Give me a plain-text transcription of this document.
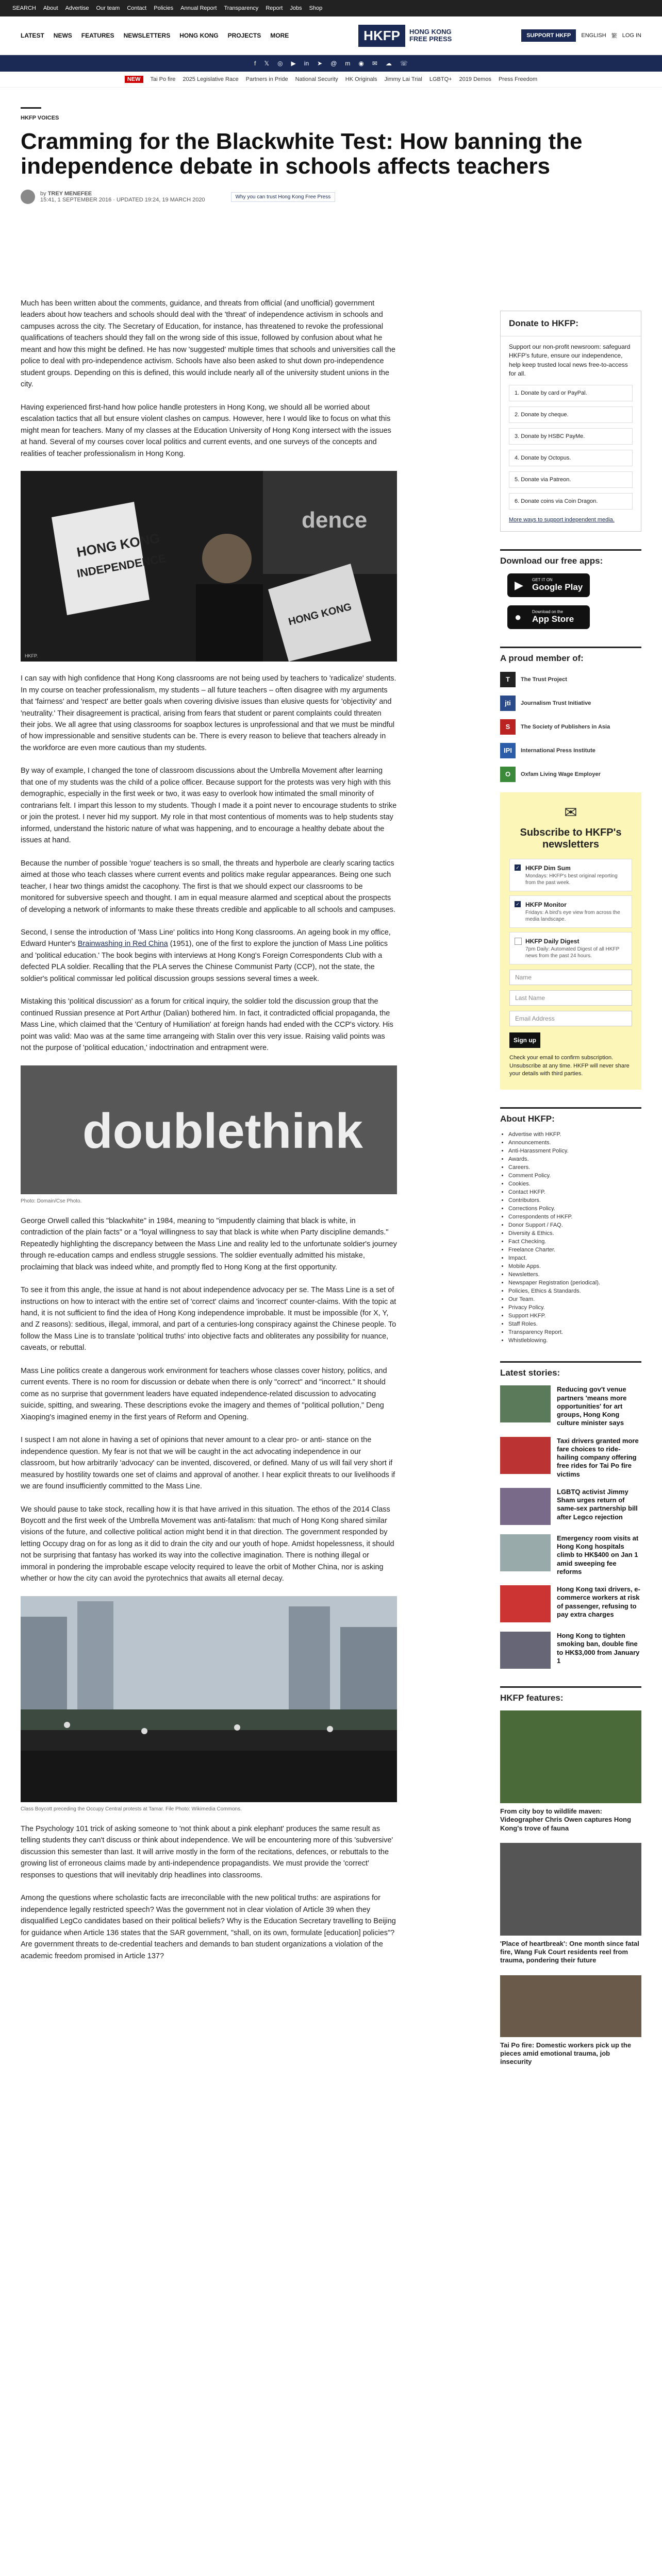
SEARCH About Advertise Our team Contact Policies Annual Report Transparency Report Jobs Shop
LATEST NEWS FEATURES NEWSLETTERS HONG KONG PROJECTS MORE	HKFP	HONG KONG
FREE PRESS	SUPPORT HKFP	ENGLISH 繁 LOG IN
f 𝕏 ◎ ▶ in ➤ @ m ◉ ✉ ☁ ☏
NEW	Tai Po fire 2025 Legislative Race Partners in Pride National Security HK Originals Jimmy Lai Trial LGBTQ+ 2019 Demos Press Freedom
HKFP VOICES
Cramming for the Blackwhite Test: How banning the independence debate in schools affects teachers
by TREY MENEFEE
15:41, 1 SEPTEMBER 2016 · UPDATED 19:24, 19 MARCH 2020	Why you can trust Hong Kong Free Press

Much has been written about the comments, guidance, and threats from official (and unofficial) government leaders about how teachers and schools should deal with the 'threat' of independence activism in schools and campuses across the city. The Secretary of Education, for instance, has threatened to revoke the professional qualifications of teachers should they fall on the wrong side of this issue, followed by confusion about what he meant and how this might be defined. He has now 'suggested' multiple times that schools and universities call the police to deal with pro-independence activism. Schools have also been asked to shut down pro-independence student groups. Depending on this is defined, this would include nearly all of the university student unions in the city.

Having experienced first-hand how police handle protesters in Hong Kong, we should all be worried about escalation tactics that all but ensure violent clashes on campus. However, here I would like to focus on what this might mean for teachers. Many of my classes at the Education University of Hong Kong intersect with the issues at hand. Several of my courses cover local politics and current events, and one surveys of the concepts and realities of teacher professionalism in Hong Kong.

dence
HONG KONG
INDEPENDENCE
HONG KONG
HKFP.

I can say with high confidence that Hong Kong classrooms are not being used by teachers to 'radicalize' students. In my course on teacher professionalism, my students – all future teachers – often disagree with my arguments that 'fairness' and 'respect' are better goals when covering divisive issues than elusive quests for 'objectivity' and 'neutrality.' Their disagreement is practical, arising from fears that student or parent complaints could threaten their jobs. We all agree that using classrooms for soapbox lectures is unprofessional and that we must be mindful of how impressionable and sensitive students can be. There is every reason to believe that teachers already in the workforce are even more cautious than my students.

By way of example, I changed the tone of classroom discussions about the Umbrella Movement after learning that one of my students was the child of a police officer. Because support for the protests was very high with this demographic, especially in the first week or two, it was easy to overlook how intimated the small minority of contrarians felt. I impart this lesson to my students. Though I made it a point never to encourage students to strike or join the protest. I never hid my support. My role in that most contentious of moments was to help students stay informed, understand the historic nature of what was happening, and to encourage a healthy debate about the issues at hand.

Because the number of possible 'rogue' teachers is so small, the threats and hyperbole are clearly scaring tactics aimed at those who teach classes where current events and politics make regular appearances. Being one such teacher, I hear two things amidst the cacophony. The first is that we should expect our classrooms to be monitored for subversive speech and thought. I am in equal measure alarmed and sceptical about the prospects of developing a network of informants to make these threats credible and applicable to all schools and campuses.

Second, I sense the introduction of 'Mass Line' politics into Hong Kong classrooms. An ageing book in my office, Edward Hunter's Brainwashing in Red China (1951), one of the first to explore the junction of Mass Line politics and 'political education.' The book begins with interviews at Hong Kong's Foreign Correspondents Club with a defected PLA soldier. Recalling that the PLA serves the Chinese Communist Party (CCP), not the state, the soldier's political commissar led political discussion groups sessions several times a week.

Mistaking this 'political discussion' as a forum for critical inquiry, the soldier told the discussion group that the continued Russian presence at Port Arthur (Dalian) bothered him. In fact, it contradicted official propaganda, the Mass Line, which claimed that the 'Century of Humiliation' at foreign hands had ended with the CCP's victory. His point was valid: Mao was at the same time arrangeing with Stalin over this very issue. Raising valid points was not the purpose of 'political education,' indoctrination and entrapment were.

doublethink
Photo: Domain/Cse Photo.

George Orwell called this "blackwhite" in 1984, meaning to "impudently claiming that black is white, in contradiction of the plain facts" or a "loyal willingness to say that black is white when Party discipline demands." Repeatedly highlighting the discrepancy between the Mass Line and reality led to the unfortunate soldier's journey through re-education camps and endless struggle sessions. The soldier eventually admitted his mistake, proclaiming that black was indeed white, and promptly fled to Hong Kong at the first opportunity.

To see it from this angle, the issue at hand is not about independence advocacy per se. The Mass Line is a set of instructions on how to interact with the entire set of 'correct' claims and 'incorrect' counter-claims. With the topic at hand, it is not sufficient to find the idea of Hong Kong independence improbable. It must be impossible (for X, Y, and Z reasons): seditious, illegal, immoral, and part of a centuries-long conspiracy against the Chinese people. To follow the Mass Line is to translate 'political truths' into objective facts and obliterates any possibility for nuance, caveats, or rebuttal.

Mass Line politics create a dangerous work environment for teachers whose classes cover history, politics, and current events. There is no room for discussion or debate when there is only "correct" and "incorrect." It should come as no surprise that government leaders have equated independence-related discussion to advocating suicide, spitting, and swearing. These descriptions evoke the imagery and themes of "political pollution," Deng Xiaoping's imagined enemy in the first years of Reform and Opening.

I suspect I am not alone in having a set of opinions that never amount to a clear pro- or anti- stance on the independence question. My fear is not that we will be caught in the act advocating independence in our classroom, but how arbitrarily 'advocacy' can be invented, discovered, or defined. Many of us will fail very short if measured by hostility towards one set of claims and approval of another. I hear explicit threats to our livelihoods if we are found insufficiently committed to the Mass Line.

We should pause to take stock, recalling how it is that have arrived in this situation. The ethos of the 2014 Class Boycott and the first week of the Umbrella Movement was anti-fatalism: that much of Hong Kong shared similar visions of the future, and collective political action might bend it in that direction. The government responded by letting Occupy drag on for as long as it did to drain the city and our youth of hope. Amidst hopelessness, it should not be surprising that fantasy has worked its way into the collective imagination. There is nothing illegal or immoral in pondering the improbable escape velocity required to leave the orbit of Mother China, nor is asking whether or how the city can avoid the pyrotechnics that awaits all eternal decay.

Class Boycott preceding the Occupy Central protests at Tamar. File Photo: Wikimedia Commons.

The Psychology 101 trick of asking someone to 'not think about a pink elephant' produces the same result as telling students they can't discuss or think about independence. We will be encountering more of this 'subversive' discussion this semester than last. It will arrive mostly in the form of the recitations, defences, or rebuttals to the growing list of erroneous claims made by anti-independence propagandists. We must provide the 'correct' responses to questions that will inevitably drip headlines into classrooms.

Among the questions where scholastic facts are irreconcilable with the new political truths: are aspirations for independence legally restricted speech? Was the government not in clear violation of Article 39 when they disqualified LegCo candidates based on their political beliefs? Why is the Education Secretary travelling to Beijing for guidance when Article 136 states that the SAR government, "shall, on its own, formulate [education] policies"? Are government threats to de-credential teachers and demands to ban student organizations a violation of the academic freedom promised in Article 137?

Donate to HKFP:

Support our non-profit newsroom: safeguard HKFP's future, ensure our independence, help keep trusted local news free-to-access for all.

1. Donate by card or PayPal.
2. Donate by cheque.
3. Donate by HSBC PayMe.
4. Donate by Octopus.
5. Donate via Patreon.
6. Donate coins via Coin Dragon.
More ways to support independent media.
Download our free apps:
▶ GET IT ON
Google Play
●	Download on the
App Store
A proud member of:
T	The Trust Project
jti	Journalism Trust Initiative
S	The Society of Publishers in Asia
IPI	International Press Institute
O	Oxfam Living Wage Employer
✉
Subscribe to HKFP's newsletters
✓ HKFP Dim Sum
Mondays: HKFP's best original reporting from the past week.
✓ HKFP Monitor
Fridays: A bird's eye view from across the media landscape.
HKFP Daily Digest
7pm Daily: Automated Digest of all HKFP news from the past 24 hours.
Name
Last Name
Email Address
Sign up
Check your email to confirm subscription. Unsubscribe at any time. HKFP will never share your details with third parties.
About HKFP:
• Advertise with HKFP.
• Announcements.
• Anti-Harassment Policy.
• Awards.
• Careers.
• Comment Policy.
• Cookies.
• Contact HKFP.
• Contributors.
• Corrections Policy.
• Correspondents of HKFP.
• Donor Support / FAQ.
• Diversity & Ethics.
• Fact Checking.
• Freelance Charter.
• Impact.
• Mobile Apps.
• Newsletters.
• Newspaper Registration (periodical).
• Policies, Ethics & Standards.
• Our Team.
• Privacy Policy.
• Support HKFP.
• Staff Roles.
• Transparency Report.
• Whistleblowing.
Latest stories:
Reducing gov't venue partners 'means more opportunities' for art groups, Hong Kong culture minister says
Taxi drivers granted more fare choices to ride-hailing company offering free rides for Tai Po fire victims
LGBTQ activist Jimmy Sham urges return of same-sex partnership bill after Legco rejection
Emergency room visits at Hong Kong hospitals climb to HK$400 on Jan 1 amid sweeping fee reforms
Hong Kong taxi drivers, e-commerce workers at risk of passenger, refusing to pay extra charges
Hong Kong to tighten smoking ban, double fine to HK$3,000 from January 1
HKFP features:
From city boy to wildlife maven: Videographer Chris Owen captures Hong Kong's trove of fauna
'Place of heartbreak': One month since fatal fire, Wang Fuk Court residents reel from trauma, pondering their future
Tai Po fire: Domestic workers pick up the pieces amid emotional trauma, job insecurity
